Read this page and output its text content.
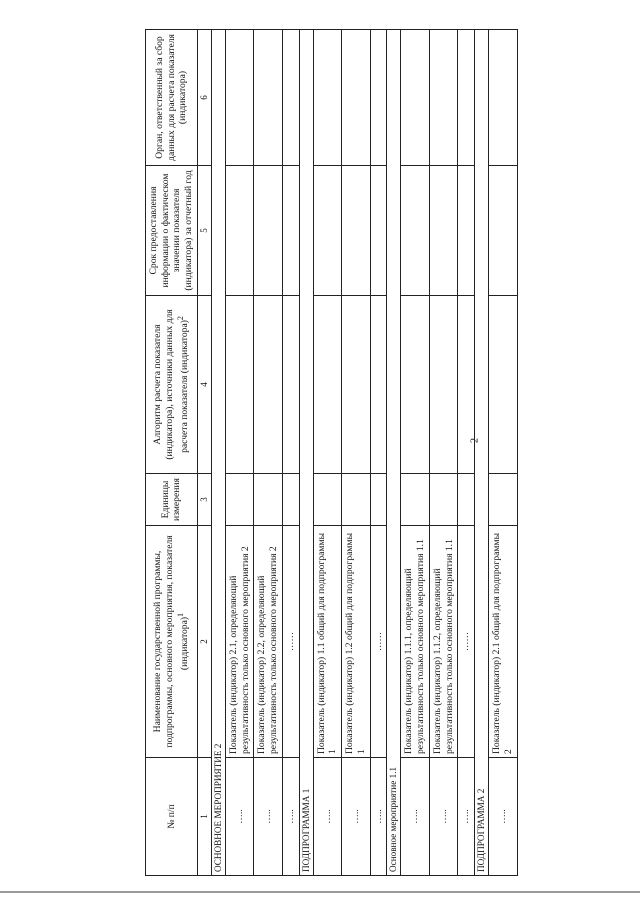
2
№ п/п	Наименование государственной программы, подпрограммы, основного мероприятия, показателя (индикатора)$^1$	Единицы измерения	Алгоритм расчета показателя (индикатора), источники данных для расчета показателя (индикатора)$^2$	Срок предоставления информации о фактическом значении показателя (индикатора) за отчетный год	Орган, ответственный за сбор данных для расчета показателя (индикатора)
1	2	3	4	5	6
ОСНОВНОЕ МЕРОПРИЯТИЕ 2					
…..	Показатель (индикатор) 2.1, определяющий результативность только основного мероприятия 2				
…..	Показатель (индикатор) 2.2, определяющий результативность только основного мероприятия 2				
…..	……				
ПОДПРОГРАММА 1					
…..	Показатель (индикатор) 1.1 общий для подпрограммы 1				
…..	Показатель (индикатор) 1.2 общий для подпрограммы 1				
…..	……				
Основное мероприятие 1.1					
…..	Показатель (индикатор) 1.1.1, определяющий результативность только основного мероприятия 1.1				
…..	Показатель (индикатор) 1.1.2, определяющий результативность только основного мероприятия 1.1				
…..	……				
ПОДПРОГРАММА 2					
…..	Показатель (индикатор) 2.1 общий для подпрограммы 2				
